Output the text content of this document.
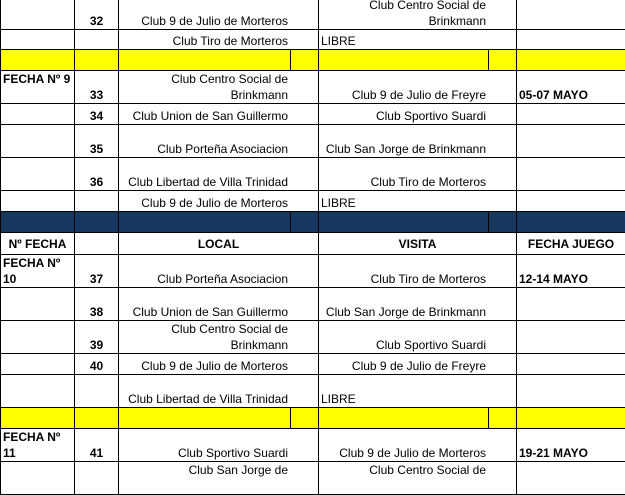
	32	Club 9 de Julio de Morteros		Club Centro Social de Brinkmann		
		Club Tiro de Morteros		LIBRE		

FECHA Nº 9	33	Club Centro Social de Brinkmann		Club 9 de Julio de Freyre		05-07 MAYO
	34	Club Union de San Guillermo		Club Sportivo Suardi		
	35	Club Porteña Asociacion		Club San Jorge de Brinkmann		
	36	Club Libertad de Villa Trinidad		Club Tiro de Morteros		
		Club 9 de Julio de Morteros		LIBRE		

Nº FECHA		LOCAL		VISITA		FECHA JUEGO
FECHA Nº 10	37	Club Porteña Asociacion		Club Tiro de Morteros		12-14 MAYO
	38	Club Union de San Guillermo		Club San Jorge de Brinkmann		
	39	Club Centro Social de Brinkmann		Club Sportivo Suardi		
	40	Club 9 de Julio de Morteros		Club 9 de Julio de Freyre		
		Club Libertad de Villa Trinidad		LIBRE		

FECHA Nº 11	41	Club Sportivo Suardi		Club 9 de Julio de Morteros		19-21 MAYO
		Club San Jorge de		Club Centro Social de		
